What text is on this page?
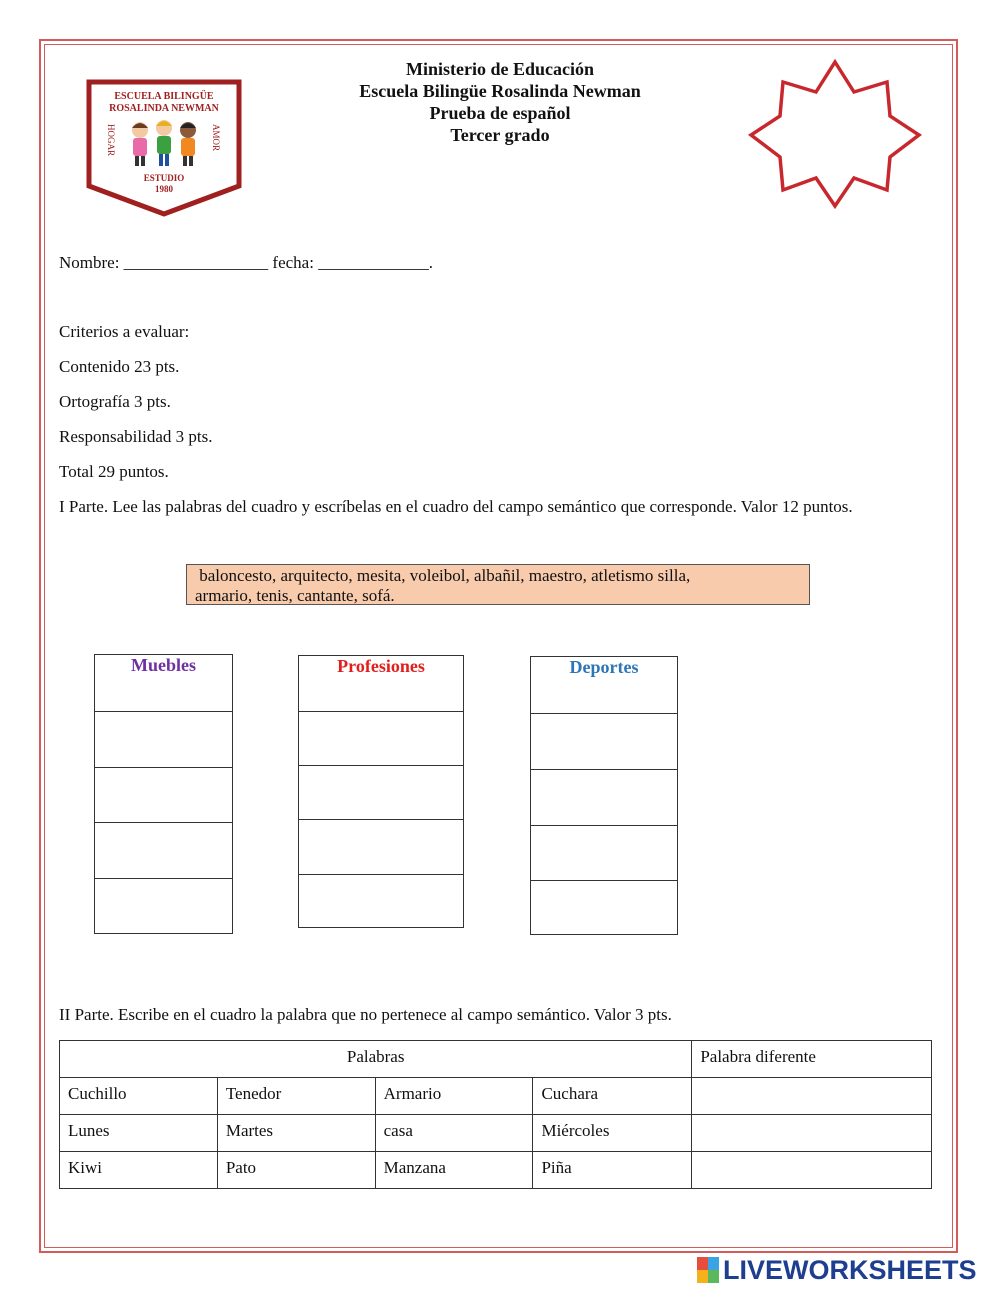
ESCUELA BILINGÜE
ROSALINDA NEWMAN
HOGAR	AMOR
ESTUDIO
1980
Ministerio de Educación
Escuela Bilingüe Rosalinda Newman
Prueba de español
Tercer grado
Nombre: _________________ fecha: _____________.
Criterios a evaluar:
Contenido 23 pts.
Ortografía 3 pts.
Responsabilidad 3 pts.
Total 29 puntos.
I Parte. Lee las palabras del cuadro y escríbelas en el cuadro del campo semántico que corresponde. Valor 12 puntos.
baloncesto, arquitecto, mesita, voleibol, albañil, maestro, atletismo silla,
armario, tenis, cantante, sofá.
Muebles	Profesiones	Deportes
II Parte. Escribe en el cuadro la palabra que no pertenece al campo semántico. Valor 3 pts.
Palabras				Palabra diferente
Cuchillo	Tenedor	Armario	Cuchara	
Lunes	Martes	casa	Miércoles	
Kiwi	Pato	Manzana	Piña	
LIVEWORKSHEETS
